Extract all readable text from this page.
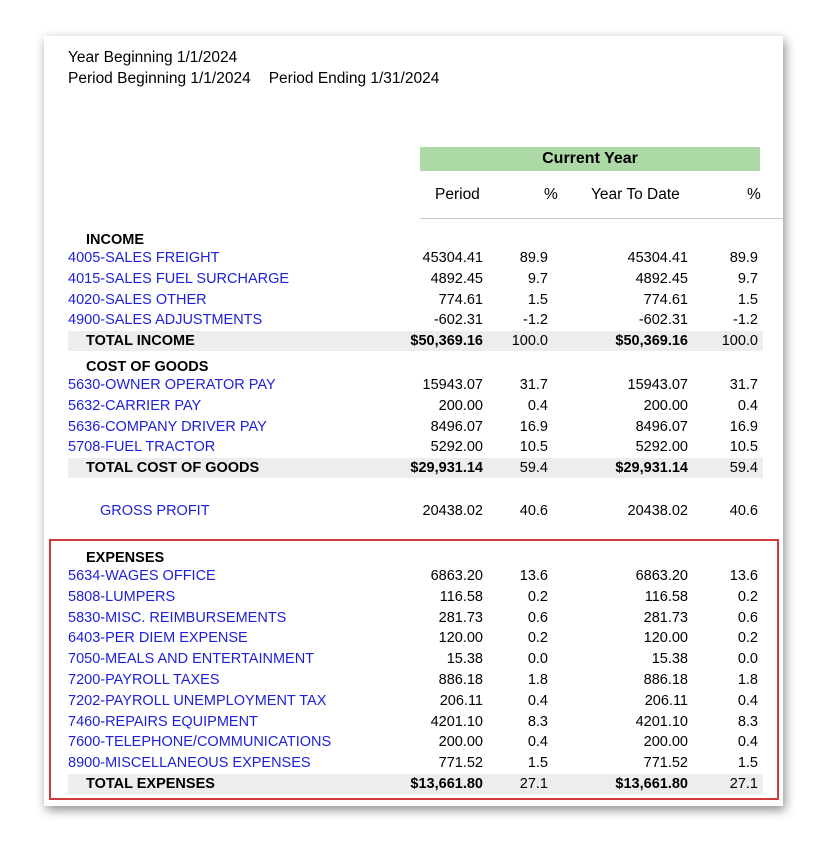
Year Beginning 1/1/2024
Period Beginning 1/1/2024 Period Ending 1/31/2024
Current Year
Period	% Year To Date	%
INCOME
4005-SALES FREIGHT	45304.41	89.9	45304.41	89.9
4015-SALES FUEL SURCHARGE	4892.45	9.7	4892.45	9.7
4020-SALES OTHER	774.61	1.5	774.61	1.5
4900-SALES ADJUSTMENTS	-602.31	-1.2	-602.31	-1.2
TOTAL INCOME	$50,369.16 100.0	$50,369.16 100.0
COST OF GOODS
5630-OWNER OPERATOR PAY	15943.07	31.7	15943.07	31.7
5632-CARRIER PAY	200.00	0.4	200.00	0.4
5636-COMPANY DRIVER PAY	8496.07	16.9	8496.07	16.9
5708-FUEL TRACTOR	5292.00	10.5	5292.00	10.5
TOTAL COST OF GOODS	$29,931.14	59.4	$29,931.14	59.4
GROSS PROFIT	20438.02	40.6	20438.02	40.6
EXPENSES
5634-WAGES OFFICE	6863.20	13.6	6863.20	13.6
5808-LUMPERS	116.58	0.2	116.58	0.2
5830-MISC. REIMBURSEMENTS	281.73	0.6	281.73	0.6
6403-PER DIEM EXPENSE	120.00	0.2	120.00	0.2
7050-MEALS AND ENTERTAINMENT	15.38	0.0	15.38	0.0
7200-PAYROLL TAXES	886.18	1.8	886.18	1.8
7202-PAYROLL UNEMPLOYMENT TAX	206.11	0.4	206.11	0.4
7460-REPAIRS EQUIPMENT	4201.10	8.3	4201.10	8.3
7600-TELEPHONE/COMMUNICATIONS	200.00	0.4	200.00	0.4
8900-MISCELLANEOUS EXPENSES	771.52	1.5	771.52	1.5
TOTAL EXPENSES	$13,661.80	27.1	$13,661.80	27.1
